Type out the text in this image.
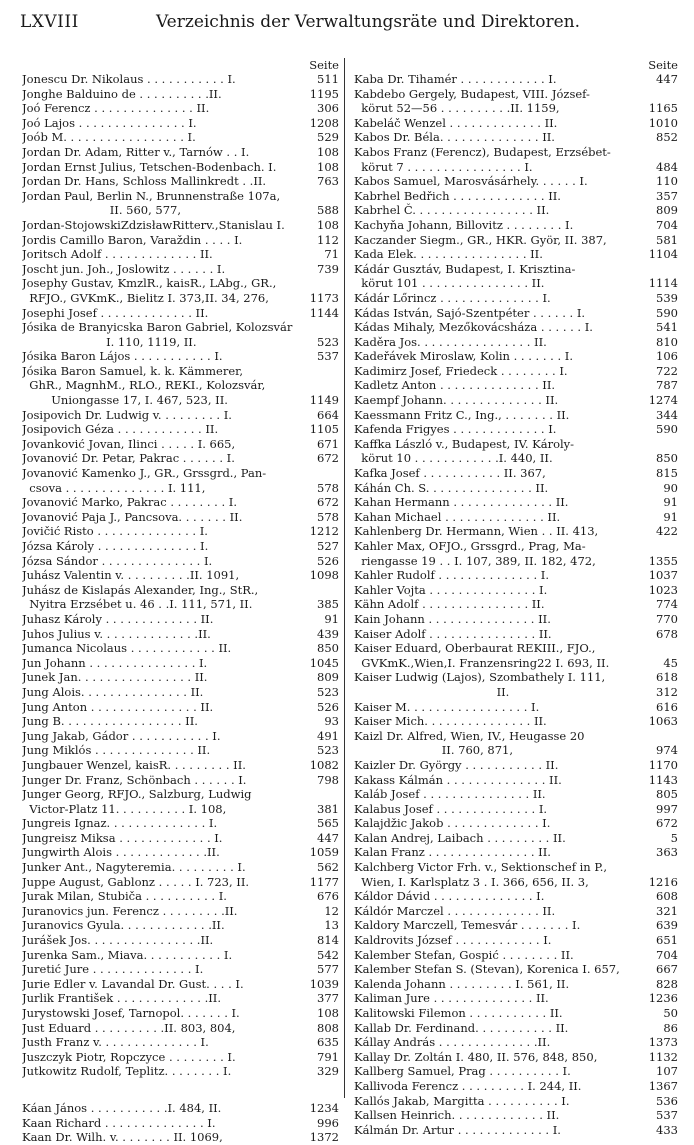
LXVIII	Verzeichnis der Verwaltungsräte und Direktoren.
Seite
Jonescu Dr. Nikolaus . . . . . . . . . . . I.	511
Jonghe Balduino de . . . . . . . . . .II.	1195
Joó Ferencz . . . . . . . . . . . . . . II.	306
Joó Lajos . . . . . . . . . . . . . . . I.	1208
Joób M. . . . . . . . . . . . . . . . . I.	529
Jordan Dr. Adam, Ritter v., Tarnów . . I.	108
Jordan Ernst Julius, Tetschen-Bodenbach. I.	108
Jordan Dr. Hans, Schloss Mallinkredt . .II.	763
Jordan Paul, Berlin N., Brunnenstraße 107a,
II. 560, 577,	588
Jordan-StojowskiZdzisławRitterv.,Stanislau I.	108
Jordis Camillo Baron, Varaždin . . . . I.	112
Joritsch Adolf . . . . . . . . . . . . . II.	71
Joscht jun. Joh., Joslowitz . . . . . . I.	739
Josephy Gustav, KmzlR., kaisR., LAbg., GR.,
RFJO., GVKmK., Bielitz I. 373,II. 34, 276,	1173
Josephi Josef . . . . . . . . . . . . . II.	1144
Jósika de Branyicska Baron Gabriel, Kolozsvár
I. 110, 1119, II.	523
Jósika Baron Lájos . . . . . . . . . . . I.	537
Jósika Baron Samuel, k. k. Kämmerer,
GhR., MagnhM., RLO., REKI., Kolozsvár,
Uniongasse 17, I. 467, 523, II.	1149
Josipovich Dr. Ludwig v. . . . . . . . . I.	664
Josipovich Géza . . . . . . . . . . . . II.	1105
Jovanković Jovan, Ilinci . . . . . I. 665,	671
Jovanović Dr. Petar, Pakrac . . . . . . I.	672
Jovanović Kamenko J., GR., Grssgrd., Pan-
csova . . . . . . . . . . . . . . I. 111,	578
Jovanović Marko, Pakrac . . . . . . . . I.	672
Jovanović Paja J., Pancsova. . . . . . . II.	578
Jovičić Risto . . . . . . . . . . . . . . I.	1212
Józsa Károly . . . . . . . . . . . . . . I.	527
Józsa Sándor . . . . . . . . . . . . . . I.	526
Juhász Valentin v. . . . . . . . . .II. 1091,	1098
Juhász de Kislapás Alexander, Ing., StR.,
Nyitra Erzsébet u. 46 . .I. 111, 571, II.	385
Juhasz Károly . . . . . . . . . . . . . II.	91
Juhos Julius v. . . . . . . . . . . . . .II.	439
Jumanca Nicolaus . . . . . . . . . . . . II.	850
Jun Johann . . . . . . . . . . . . . . . I.	1045
Junek Jan. . . . . . . . . . . . . . . . II.	809
Jung Alois. . . . . . . . . . . . . . . II.	523
Jung Anton . . . . . . . . . . . . . . . II.	526
Jung B. . . . . . . . . . . . . . . . . II.	93
Jung Jakab, Gádor . . . . . . . . . . . I.	491
Jung Miklós . . . . . . . . . . . . . . II.	523
Jungbauer Wenzel, kaisR. . . . . . . . . II.	1082
Junger Dr. Franz, Schönbach . . . . . . I.	798
Junger Georg, RFJO., Salzburg, Ludwig
Victor-Platz 11. . . . . . . . . . I. 108,	381
Jungreis Ignaz. . . . . . . . . . . . . . I.	565
Jungreisz Miksa . . . . . . . . . . . . . I.	447
Jungwirth Alois . . . . . . . . . . . . .II.	1059
Junker Ant., Nagyteremia. . . . . . . . . I.	562
Juppe August, Gablonz . . . . . I. 723, II.	1177
Jurak Milan, Stubiča . . . . . . . . . . I.	676
Juranovics jun. Ferencz . . . . . . . . .II.	12
Juranovics Gyula. . . . . . . . . . . . .II.	13
Jurášek Jos. . . . . . . . . . . . . . . .II.	814
Jurenka Sam., Miava. . . . . . . . . . . I.	542
Juretić Jure . . . . . . . . . . . . . . I.	577
Jurie Edler v. Lavandal Dr. Gust. . . . I.	1039
Jurlik František . . . . . . . . . . . . .II.	377
Jurystowski Josef, Tarnopol. . . . . . . I.	108
Just Eduard . . . . . . . . . .II. 803, 804,	808
Justh Franz v. . . . . . . . . . . . . . I.	635
Juszczyk Piotr, Ropczyce . . . . . . . . I.	791
Jutkowitz Rudolf, Teplitz. . . . . . . . I.	329
Káan János . . . . . . . . . . .I. 484, II.	1234
Kaan Richard . . . . . . . . . . . . . . I.	996
Kaan Dr. Wilh. v. . . . . . . . II. 1069,	1372
Seite
Kaba Dr. Tihamér . . . . . . . . . . . . I.	447
Kabdebo Gergely, Budapest, VIII. József-
körut 52—56 . . . . . . . . . .II. 1159,	1165
Kabeláč Wenzel . . . . . . . . . . . . . II.	1010
Kabos Dr. Béla. . . . . . . . . . . . . . II.	852
Kabos Franz (Ferencz), Budapest, Erzsébet-
körut 7 . . . . . . . . . . . . . . . . I.	484
Kabos Samuel, Marosvásárhely. . . . . . I.	110
Kabrhel Bedřich . . . . . . . . . . . . . II.	357
Kabrhel Č. . . . . . . . . . . . . . . . . II.	809
Kachyňa Johann, Billovitz . . . . . . . . I.	704
Kaczander Siegm., GR., HKR. Györ, II. 387,	581
Kada Elek. . . . . . . . . . . . . . . . II.	1104
Kádár Gusztáv, Budapest, I. Krisztina-
körut 101 . . . . . . . . . . . . . . . II.	1114
Kádár Lőrincz . . . . . . . . . . . . . . I.	539
Kádas István, Sajó-Szentpéter . . . . . . I.	590
Kádas Mihaly, Mezőkovácsháza . . . . . . I.	541
Kaděra Jos. . . . . . . . . . . . . . . . II.	810
Kadeřávek Miroslaw, Kolin . . . . . . . I.	106
Kadimirz Josef, Friedeck . . . . . . . . I.	722
Kadletz Anton . . . . . . . . . . . . . . II.	787
Kaempf Johann. . . . . . . . . . . . . . II.	1274
Kaessmann Fritz C., Ing., . . . . . . . II.	344
Kafenda Frigyes . . . . . . . . . . . . . I.	590
Kaffka László v., Budapest, IV. Károly-
körut 10 . . . . . . . . . . . .I. 440, II.	850
Kafka Josef . . . . . . . . . . . II. 367,	815
Káhán Ch. S. . . . . . . . . . . . . . . II.	90
Kahan Hermann . . . . . . . . . . . . . . II.	91
Kahan Michael . . . . . . . . . . . . . . II.	91
Kahlenberg Dr. Hermann, Wien . . II. 413,	422
Kahler Max, OFJO., Grssgrd., Prag, Ma-
riengasse 19 . . I. 107, 389, II. 182, 472,	1355
Kahler Rudolf . . . . . . . . . . . . . . I.	1037
Kahler Vojta . . . . . . . . . . . . . . . I.	1023
Kähn Adolf . . . . . . . . . . . . . . . II.	774
Kain Johann . . . . . . . . . . . . . . . II.	770
Kaiser Adolf . . . . . . . . . . . . . . . II.	678
Kaiser Eduard, Oberbaurat REKIII., FJO.,
GVKmK.,Wien,I. Franzensring22 I. 693, II.	45
Kaiser Ludwig (Lajos), Szombathely I. 111,	618
II.	312
Kaiser M. . . . . . . . . . . . . . . . . I.	616
Kaiser Mich. . . . . . . . . . . . . . . II.	1063
Kaizl Dr. Alfred, Wien, IV., Heugasse 20
II. 760, 871,	974
Kaizler Dr. György . . . . . . . . . . . II.	1170
Kakass Kálmán . . . . . . . . . . . . . . II.	1143
Kaláb Josef . . . . . . . . . . . . . . . II.	805
Kalabus Josef . . . . . . . . . . . . . . I.	997
Kalajdžic Jakob . . . . . . . . . . . . . I.	672
Kalan Andrej, Laibach . . . . . . . . . II.	5
Kalan Franz . . . . . . . . . . . . . . . II.	363
Kalchberg Victor Frh. v., Sektionschef in P.,
Wien, I. Karlsplatz 3 . I. 366, 656, II. 3,	1216
Káldor Dávid . . . . . . . . . . . . . . I.	608
Káldór Marczel . . . . . . . . . . . . . II.	321
Kaldory Marczell, Temesvár . . . . . . . I.	639
Kaldrovits József . . . . . . . . . . . . I.	651
Kalember Stefan, Gospić . . . . . . . . II.	704
Kalember Stefan S. (Stevan), Korenica I. 657,	667
Kalenda Johann . . . . . . . . . I. 561, II.	828
Kaliman Jure . . . . . . . . . . . . . . II.	1236
Kalitowski Filemon . . . . . . . . . . . II.	50
Kallab Dr. Ferdinand. . . . . . . . . . . II.	86
Kállay András . . . . . . . . . . . . . .II.	1373
Kallay Dr. Zoltán I. 480, II. 576, 848, 850,	1132
Kallberg Samuel, Prag . . . . . . . . . . I.	107
Kallivoda Ferencz . . . . . . . . . I. 244, II.	1367
Kallós Jakab, Margitta . . . . . . . . . . I.	536
Kallsen Heinrich. . . . . . . . . . . . . II.	537
Kálmán Dr. Artur . . . . . . . . . . . . . I.	433
